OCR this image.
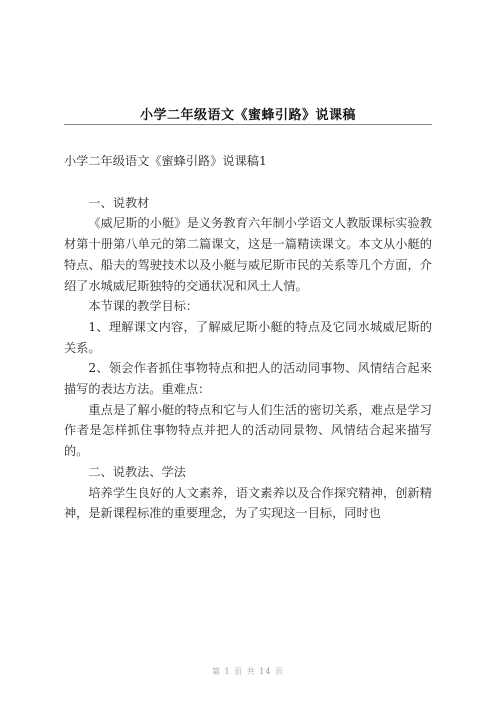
小学二年级语文《蜜蜂引路》说课稿

小学二年级语文《蜜蜂引路》说课稿1

一、说教材

《威尼斯的小艇》是义务教育六年制小学语文人教版课标实验教材第十册第八单元的第二篇课文，这是一篇精读课文。本文从小艇的特点、船夫的驾驶技术以及小艇与威尼斯市民的关系等几个方面，介绍了水城威尼斯独特的交通状况和风土人情。

本节课的教学目标：

1、理解课文内容，了解威尼斯小艇的特点及它同水城威尼斯的关系。

2、领会作者抓住事物特点和把人的活动同事物、风情结合起来描写的表达方法。重难点：

重点是了解小艇的特点和它与人们生活的密切关系，难点是学习作者是怎样抓住事物特点并把人的活动同景物、风情结合起来描写的。

二、说教法、学法

培养学生良好的人文素养，语文素养以及合作探究精神，创新精神，是新课程标准的重要理念，为了实现这一目标，同时也

第 1 页 共 14 页
